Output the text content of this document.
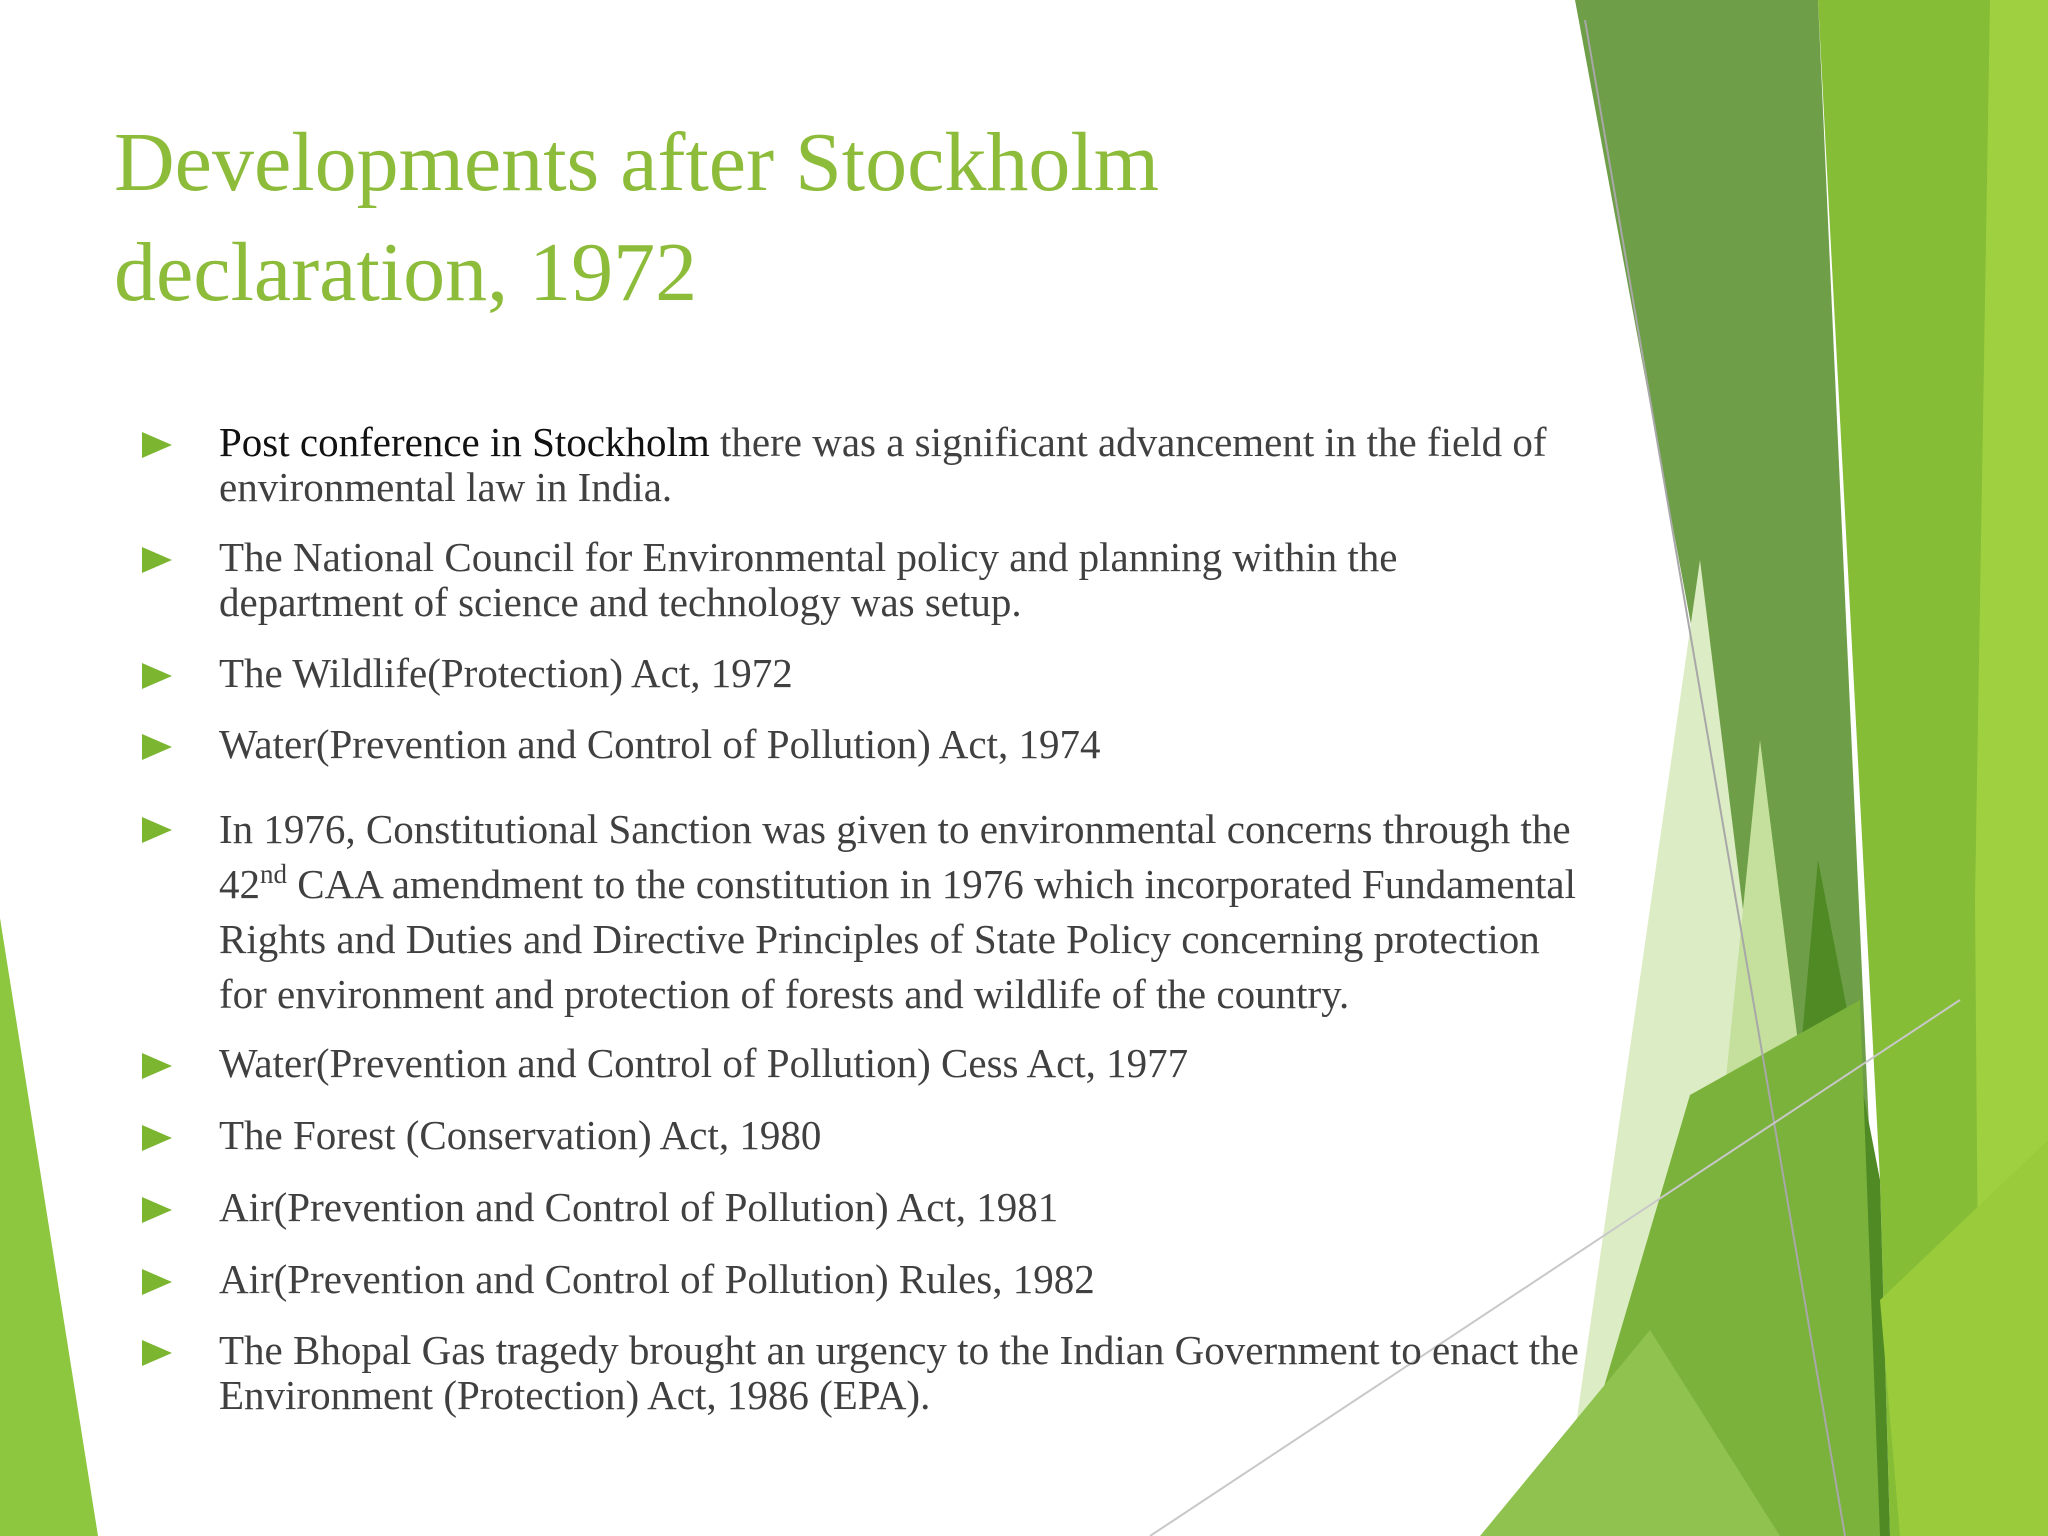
Developments after Stockholm
declaration, 1972
Post conference in Stockholm there was a significant advancement in the field of
environmental law in India.
The National Council for Environmental policy and planning within the
department of science and technology was setup.
The Wildlife(Protection) Act, 1972
Water(Prevention and Control of Pollution) Act, 1974
In 1976, Constitutional Sanction was given to environmental concerns through the
42nd CAA amendment to the constitution in 1976 which incorporated Fundamental
Rights and Duties and Directive Principles of State Policy concerning protection
for environment and protection of forests and wildlife of the country.
Water(Prevention and Control of Pollution) Cess Act, 1977
The Forest (Conservation) Act, 1980
Air(Prevention and Control of Pollution) Act, 1981
Air(Prevention and Control of Pollution) Rules, 1982
The Bhopal Gas tragedy brought an urgency to the Indian Government to enact the
Environment (Protection) Act, 1986 (EPA).
